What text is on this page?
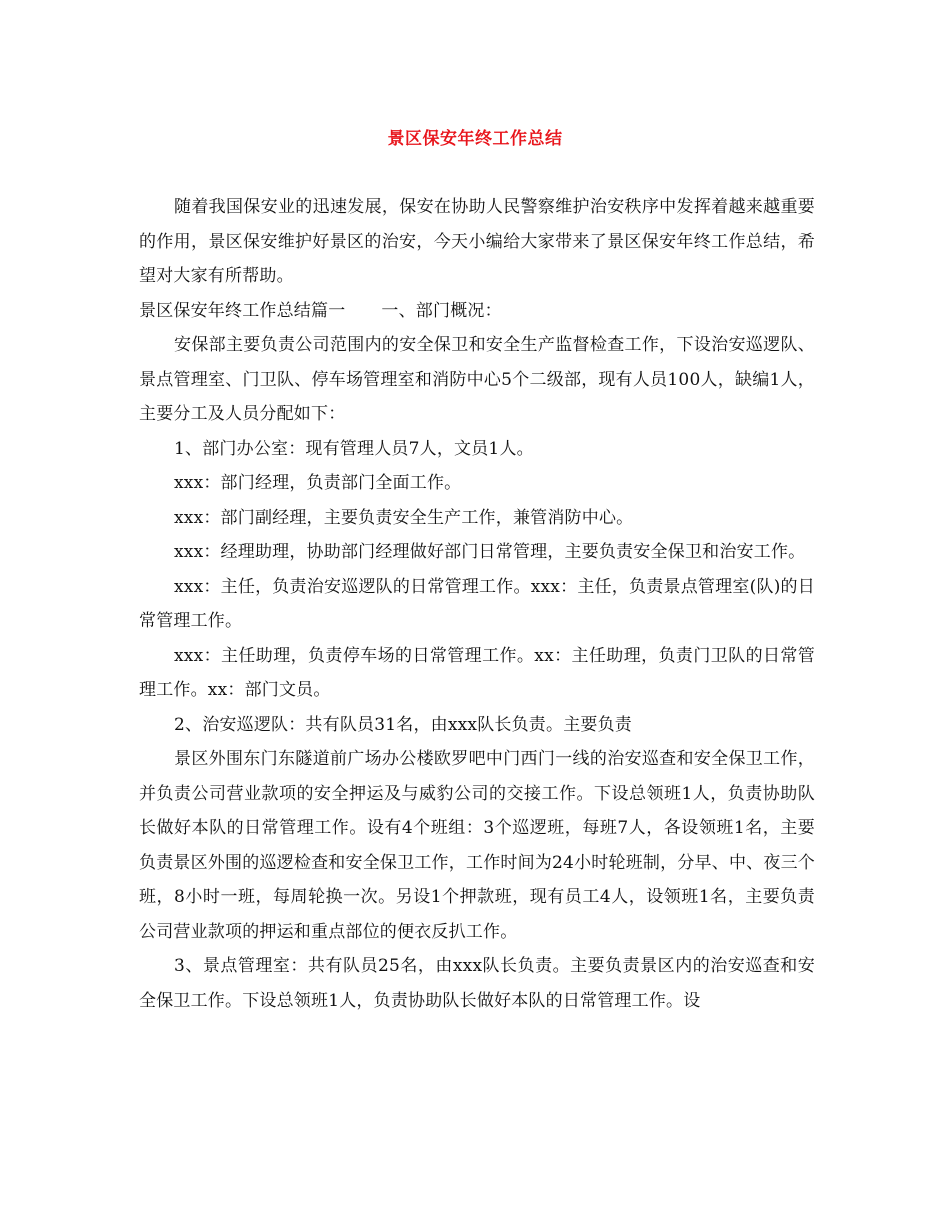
景区保安年终工作总结

随着我国保安业的迅速发展，保安在协助人民警察维护治安秩序中发挥着越来越重要的作用，景区保安维护好景区的治安，今天小编给大家带来了景区保安年终工作总结，希望对大家有所帮助。

景区保安年终工作总结篇一 一、部门概况：

安保部主要负责公司范围内的安全保卫和安全生产监督检查工作，下设治安巡逻队、景点管理室、门卫队、停车场管理室和消防中心5个二级部，现有人员100人，缺编1人，主要分工及人员分配如下：

1、部门办公室：现有管理人员7人，文员1人。

xxx：部门经理，负责部门全面工作。

xxx：部门副经理，主要负责安全生产工作，兼管消防中心。

xxx：经理助理，协助部门经理做好部门日常管理，主要负责安全保卫和治安工作。

xxx：主任，负责治安巡逻队的日常管理工作。xxx：主任，负责景点管理室(队)的日常管理工作。

xxx：主任助理，负责停车场的日常管理工作。xx：主任助理，负责门卫队的日常管理工作。xx：部门文员。

2、治安巡逻队：共有队员31名，由xxx队长负责。主要负责

景区外围东门东隧道前广场办公楼欧罗吧中门西门一线的治安巡查和安全保卫工作，并负责公司营业款项的安全押运及与威豹公司的交接工作。下设总领班1人，负责协助队长做好本队的日常管理工作。设有4个班组：3个巡逻班，每班7人，各设领班1名，主要负责景区外围的巡逻检查和安全保卫工作，工作时间为24小时轮班制，分早、中、夜三个班，8小时一班，每周轮换一次。另设1个押款班，现有员工4人，设领班1名，主要负责公司营业款项的押运和重点部位的便衣反扒工作。

3、景点管理室：共有队员25名，由xxx队长负责。主要负责景区内的治安巡查和安全保卫工作。下设总领班1人，负责协助队长做好本队的日常管理工作。设
